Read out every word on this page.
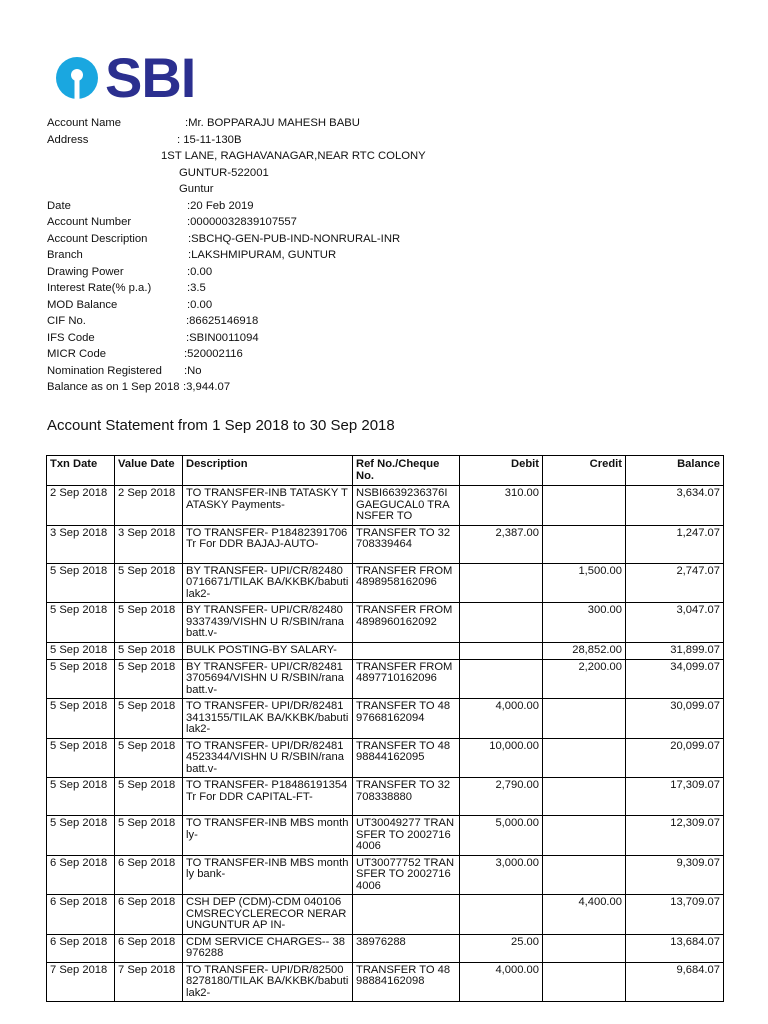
SBI
Account Name	:Mr. BOPPARAJU MAHESH BABU
Address	: 15-11-130B
1ST LANE, RAGHAVANAGAR,NEAR RTC COLONY
GUNTUR-522001
Guntur
Date	:20 Feb 2019
Account Number	:00000032839107557
Account Description	:SBCHQ-GEN-PUB-IND-NONRURAL-INR
Branch	:LAKSHMIPURAM, GUNTUR
Drawing Power	:0.00
Interest Rate(% p.a.)	:3.5
MOD Balance	:0.00
CIF No.	:86625146918
IFS Code	:SBIN0011094
MICR Code	:520002116
Nomination Registered	:No
Balance as on 1 Sep 2018 :3,944.07
Account Statement from 1 Sep 2018 to 30 Sep 2018
Txn Date	Value Date	Description	Ref No./Cheque No.	Debit	Credit	Balance
2 Sep 2018	2 Sep 2018	TO TRANSFER-INB TATASKY TATASKY Payments-	NSBI6639236376I GAEGUCAL0 TRANSFER TO	310.00		3,634.07
3 Sep 2018	3 Sep 2018	TO TRANSFER- P18482391706Tr For DDR BAJAJ-AUTO-	TRANSFER TO 32708339464	2,387.00		1,247.07
5 Sep 2018	5 Sep 2018	BY TRANSFER- UPI/CR/824800716671/TILAK BA/KKBK/babutilak2-	TRANSFER FROM 4898958162096		1,500.00	2,747.07
5 Sep 2018	5 Sep 2018	BY TRANSFER- UPI/CR/824809337439/VISHN U R/SBIN/ranabatt.v-	TRANSFER FROM 4898960162092		300.00	3,047.07
5 Sep 2018	5 Sep 2018	BULK POSTING-BY SALARY-			28,852.00	31,899.07
5 Sep 2018	5 Sep 2018	BY TRANSFER- UPI/CR/824813705694/VISHN U R/SBIN/ranabatt.v-	TRANSFER FROM 4897710162096		2,200.00	34,099.07
5 Sep 2018	5 Sep 2018	TO TRANSFER- UPI/DR/824813413155/TILAK BA/KKBK/babutilak2-	TRANSFER TO 4897668162094	4,000.00		30,099.07
5 Sep 2018	5 Sep 2018	TO TRANSFER- UPI/DR/824814523344/VISHN U R/SBIN/ranabatt.v-	TRANSFER TO 4898844162095	10,000.00		20,099.07
5 Sep 2018	5 Sep 2018	TO TRANSFER- P18486191354Tr For DDR CAPITAL-FT-	TRANSFER TO 32708338880	2,790.00		17,309.07
5 Sep 2018	5 Sep 2018	TO TRANSFER-INB MBS monthly-	UT30049277 TRANSFER TO 20027164006	5,000.00		12,309.07
6 Sep 2018	6 Sep 2018	TO TRANSFER-INB MBS monthly bank-	UT30077752 TRANSFER TO 20027164006	3,000.00		9,309.07
6 Sep 2018	6 Sep 2018	CSH DEP (CDM)-CDM 040106CMSRECYCLERECOR NERARUNGUNTUR AP IN-			4,400.00	13,709.07
6 Sep 2018	6 Sep 2018	CDM SERVICE CHARGES-- 38976288	38976288	25.00		13,684.07
7 Sep 2018	7 Sep 2018	TO TRANSFER- UPI/DR/825008278180/TILAK BA/KKBK/babutilak2-	TRANSFER TO 4898884162098	4,000.00		9,684.07
